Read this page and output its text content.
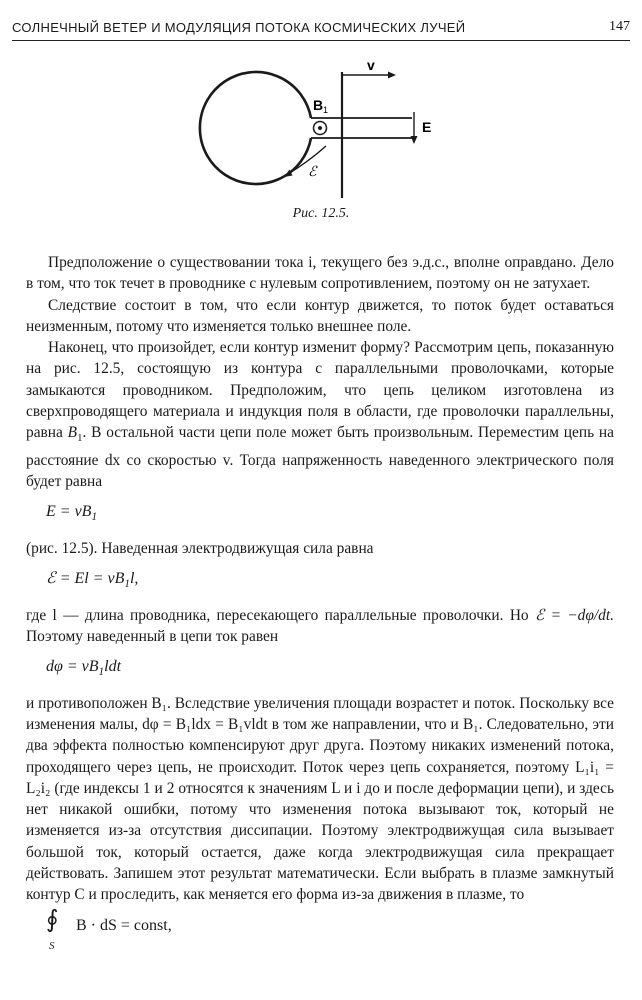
СОЛНЕЧНЫЙ ВЕТЕР И МОДУЛЯЦИЯ ПОТОКА КОСМИЧЕСКИХ ЛУЧЕЙ	147
v
B 1
E
ℰ
Рис. 12.5.

Предположение о существовании тока i, текущего без э.д.с., вполне оправдано. Дело в том, что ток течет в проводнике с нулевым сопротивлением, поэтому он не затухает.

Следствие состоит в том, что если контур движется, то поток будет оставаться неизменным, потому что изменяется только внешнее поле.

Наконец, что произойдет, если контур изменит форму? Рассмотрим цепь, показанную на рис. 12.5, состоящую из контура с параллельными проволочками, которые замыкаются проводником. Предположим, что цепь целиком изготовлена из сверхпроводящего материала и индукция поля в области, где проволочки параллельны, равна $B_1$. В остальной части цепи поле может быть произвольным. Переместим цепь на расстояние dx со скоростью v. Тогда напряженность наведенного электрического поля будет равна

$E = vB_1$

(рис. 12.5). Наведенная электродвижущая сила равна

ℰ = $El = vB_1l$,

где l — длина проводника, пересекающего параллельные проволочки. Но ℰ = −dφ/dt. Поэтому наведенный в цепи ток равен

$d\varphi = vB_1ldt$

и противоположен B₁. Вследствие увеличения площади возрастет и поток. Поскольку все изменения малы, dφ = B₁ldx = B₁vldt в том же направлении, что и B₁. Следовательно, эти два эффекта полностью компенсируют друг друга. Поэтому никаких изменений потока, проходящего через цепь, не происходит. Поток через цепь сохраняется, поэтому L₁i₁ = L₂i₂ (где индексы 1 и 2 относятся к значениям L и i до и после деформации цепи), и здесь нет никакой ошибки, потому что изменения потока вызывают ток, который не изменяется из-за отсутствия диссипации. Поэтому электродвижущая сила вызывает большой ток, который остается, даже когда электродвижущая сила прекращает действовать. Запишем этот результат математически. Если выбрать в плазме замкнутый контур C и проследить, как меняется его форма из-за движения в плазме, то

∮
S
B · dS = const,
